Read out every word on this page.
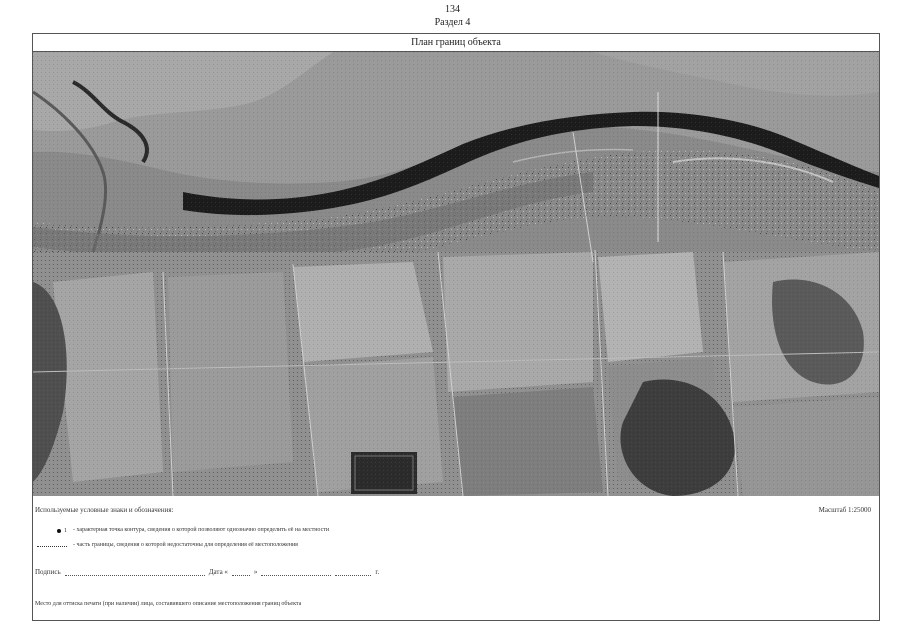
134
Раздел 4
План границ объекта
Используемые условные знаки и обозначения:	Масштаб 1:25000
1 - характерная точка контура, сведения о которой позволяют однозначно определить её на местности
- часть границы, сведения о которой недостаточны для определения её местоположения
Подпись	Дата «	»	г.
Место для оттиска печати (при наличии) лица, составившего описание местоположения границ объекта
